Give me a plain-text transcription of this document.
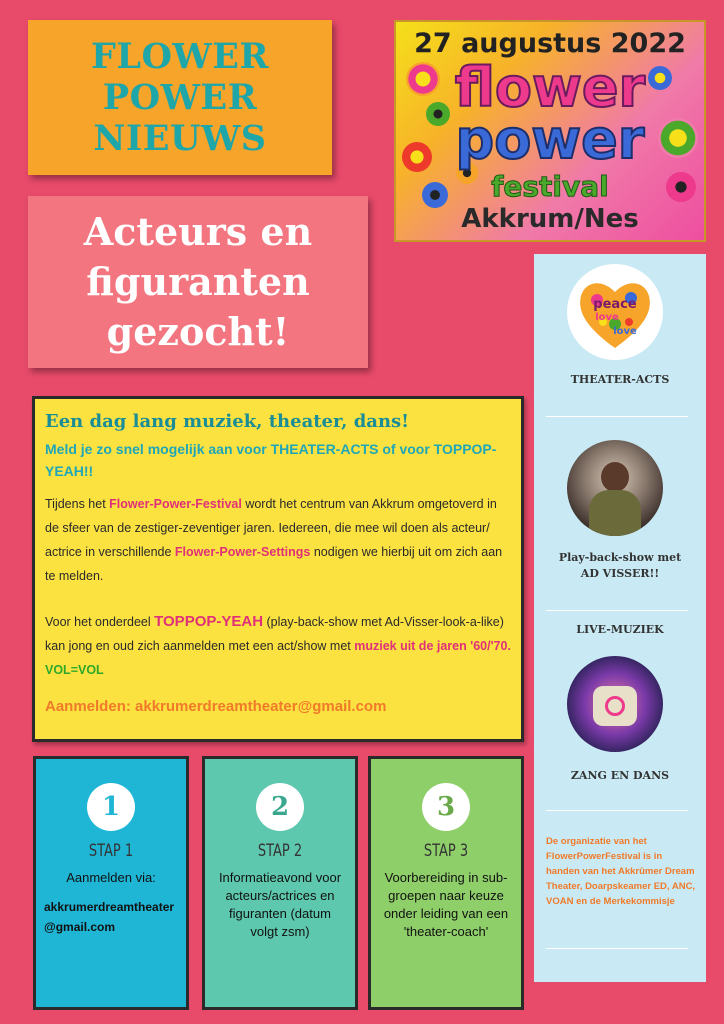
FLOWER
POWER
NIEUWS
27 augustus 2022
flower
power
festival
Akkrum/Nes
Acteurs en
figuranten
gezocht!
Een dag lang muziek, theater, dans!
Meld je zo snel mogelijk aan voor THEATER-ACTS of voor TOPPOP-YEAH!!
Tijdens het Flower-Power-Festival wordt het centrum van Akkrum omgetoverd in de sfeer van de zestiger-zeventiger jaren. Iedereen, die mee wil doen als acteur/ actrice in verschillende Flower-Power-Settings nodigen we hierbij uit om zich aan te melden.
Voor het onderdeel TOPPOP-YEAH (play-back-show met Ad-Visser-look-a-like) kan jong en oud zich aanmelden met een act/show met muziek uit de jaren '60/'70.
VOL=VOL
Aanmelden: akkrumerdreamtheater@gmail.com
1
STAP 1
Aanmelden via:
akkrumerdreamtheater
@gmail.com
2
STAP 2
Informatieavond voor acteurs/actrices en figuranten (datum volgt zsm)
3
STAP 3
Voorbereiding in sub-groepen naar keuze onder leiding van een 'theater-coach'
peace
love
love
THEATER-ACTS
Play-back-show met
AD VISSER!!
LIVE-MUZIEK
ZANG EN DANS
De organizatie van het FlowerPowerFestival is in handen van het Akkrûmer Dream Theater, Doarpskeamer ED, ANC, VOAN en de Merkekommisje
